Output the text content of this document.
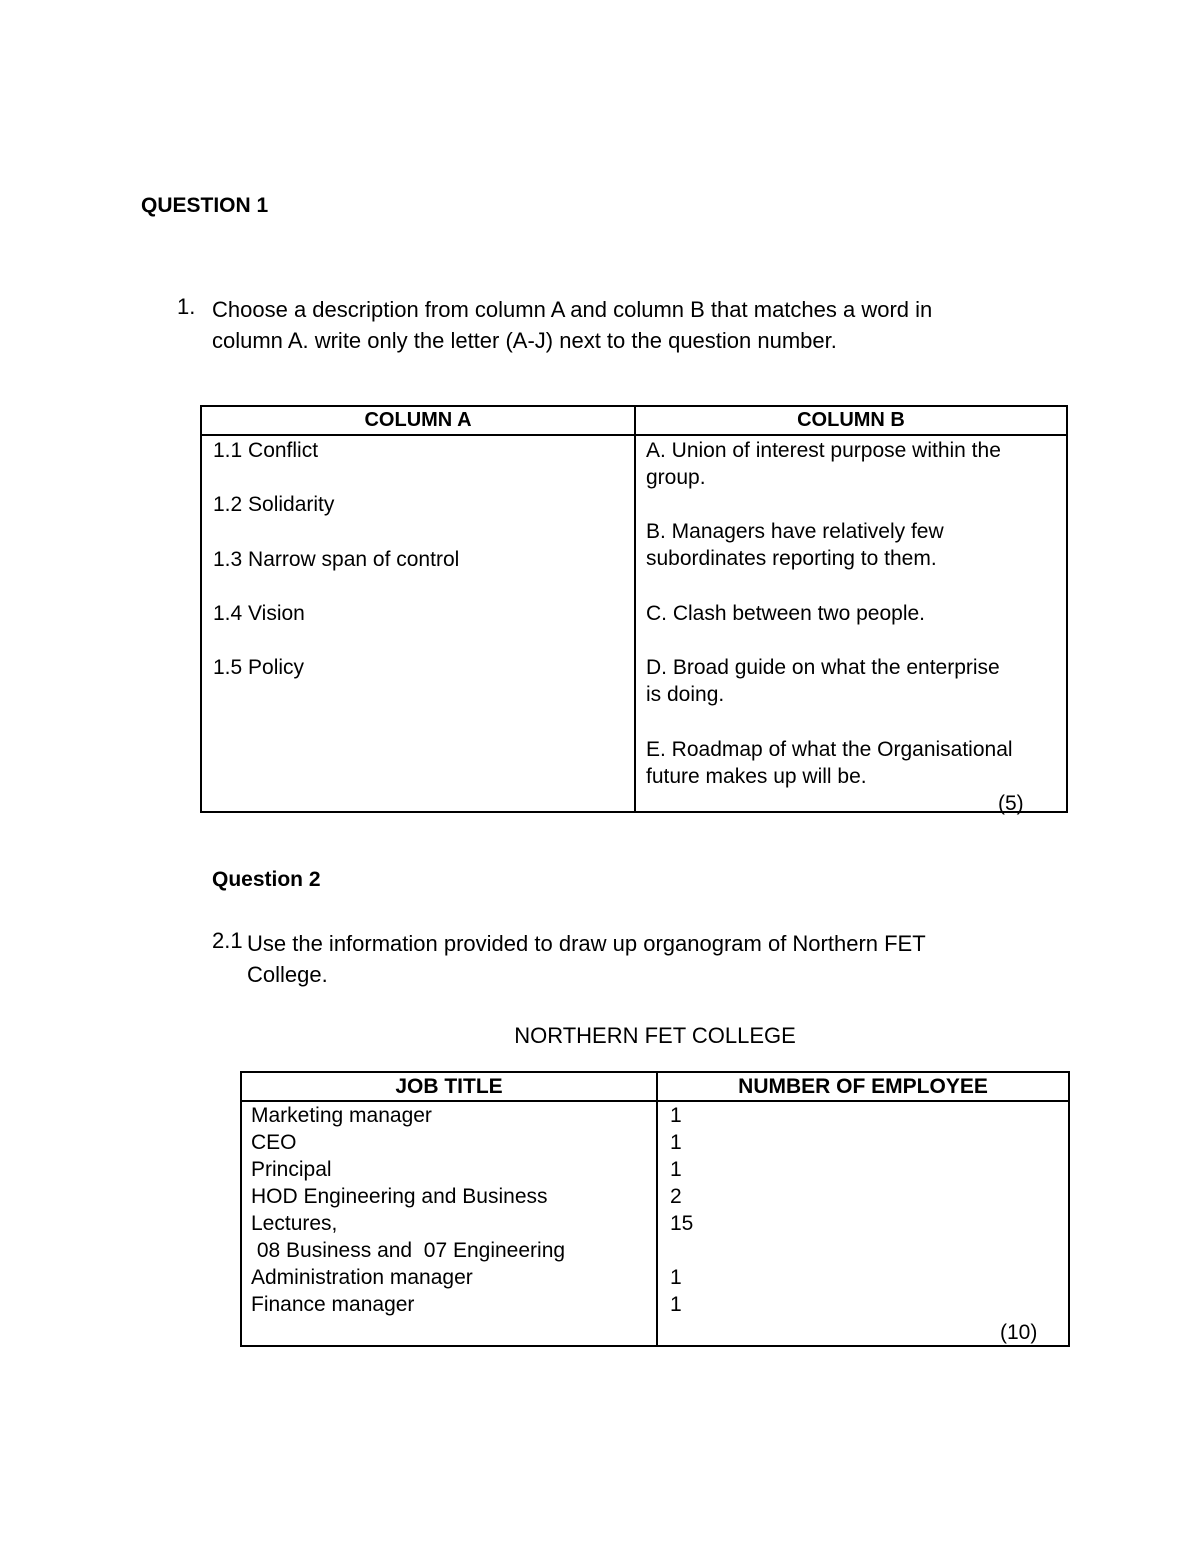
QUESTION 1
1. Choose a description from column A and column B that matches a word in
column A. write only the letter (A-J) next to the question number.
COLUMN A	COLUMN B
1.1 Conflict
1.2 Solidarity
1.3 Narrow span of control
1.4 Vision
1.5 Policy
A. Union of interest purpose within the
group.
B. Managers have relatively few
subordinates reporting to them.
C. Clash between two people.
D. Broad guide on what the enterprise
is doing.
E. Roadmap of what the Organisational
future makes up will be.
(5)
Question 2
2.1 Use the information provided to draw up organogram of Northern FET
College.
NORTHERN FET COLLEGE
JOB TITLE	NUMBER OF EMPLOYEE
Marketing manager
CEO
Principal
HOD Engineering and Business
Lectures,
08 Business and  07 Engineering
Administration manager
Finance manager
1
1
1
2
15
1
1
(10)
